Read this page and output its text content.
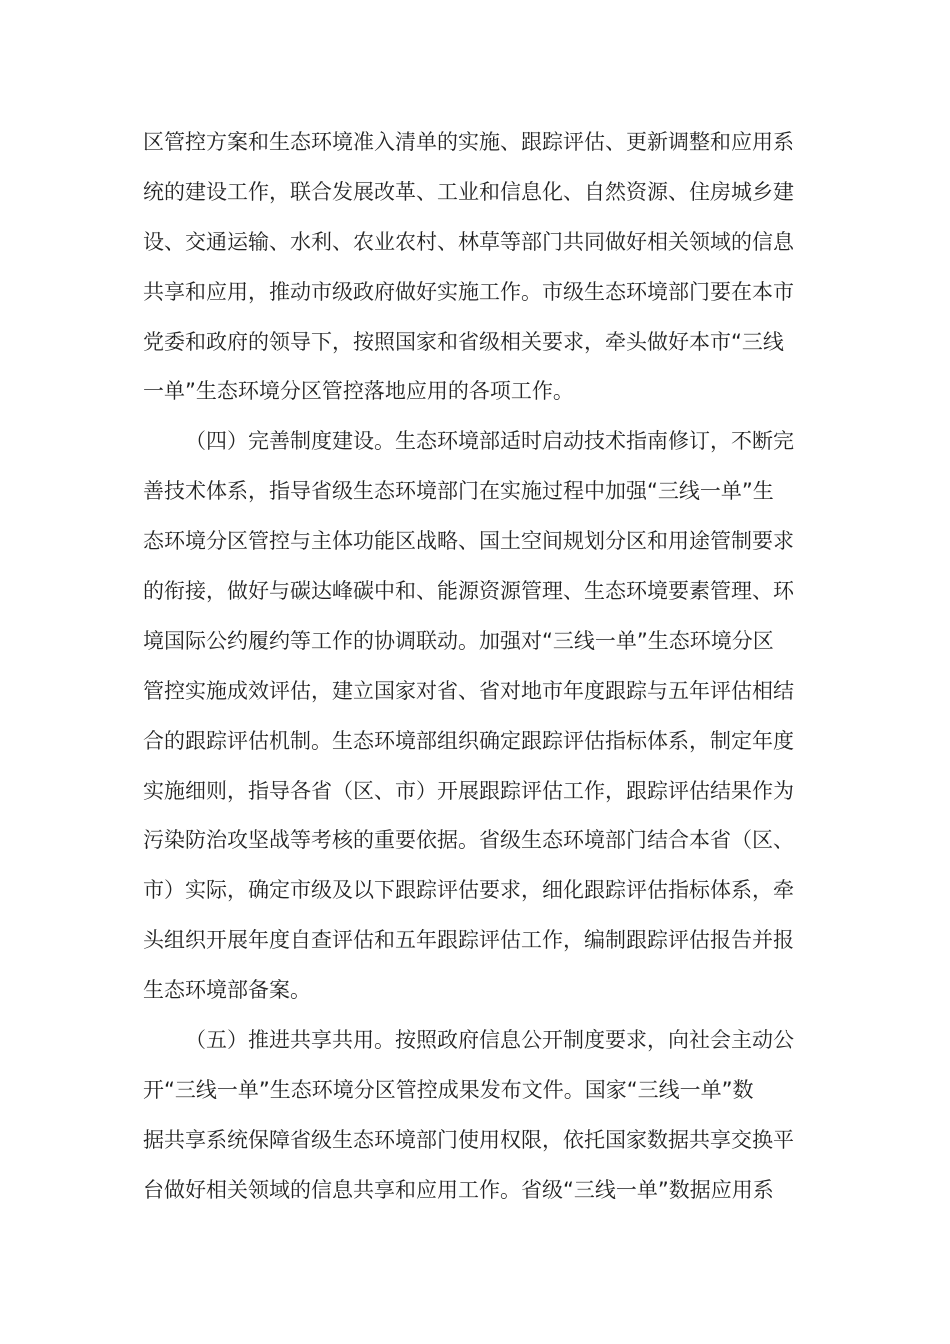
区管控方案和生态环境准入清单的实施、跟踪评估、更新调整和应用系
统的建设工作，联合发展改革、工业和信息化、自然资源、住房城乡建
设、交通运输、水利、农业农村、林草等部门共同做好相关领域的信息
共享和应用，推动市级政府做好实施工作。市级生态环境部门要在本市
党委和政府的领导下，按照国家和省级相关要求，牵头做好本市“三线
一单”生态环境分区管控落地应用的各项工作。
（四）完善制度建设。生态环境部适时启动技术指南修订，不断完
善技术体系，指导省级生态环境部门在实施过程中加强“三线一单”生
态环境分区管控与主体功能区战略、国土空间规划分区和用途管制要求
的衔接，做好与碳达峰碳中和、能源资源管理、生态环境要素管理、环
境国际公约履约等工作的协调联动。加强对“三线一单”生态环境分区
管控实施成效评估，建立国家对省、省对地市年度跟踪与五年评估相结
合的跟踪评估机制。生态环境部组织确定跟踪评估指标体系，制定年度
实施细则，指导各省（区、市）开展跟踪评估工作，跟踪评估结果作为
污染防治攻坚战等考核的重要依据。省级生态环境部门结合本省（区、
市）实际，确定市级及以下跟踪评估要求，细化跟踪评估指标体系，牵
头组织开展年度自查评估和五年跟踪评估工作，编制跟踪评估报告并报
生态环境部备案。
（五）推进共享共用。按照政府信息公开制度要求，向社会主动公
开“三线一单”生态环境分区管控成果发布文件。国家“三线一单”数
据共享系统保障省级生态环境部门使用权限，依托国家数据共享交换平
台做好相关领域的信息共享和应用工作。省级“三线一单”数据应用系
